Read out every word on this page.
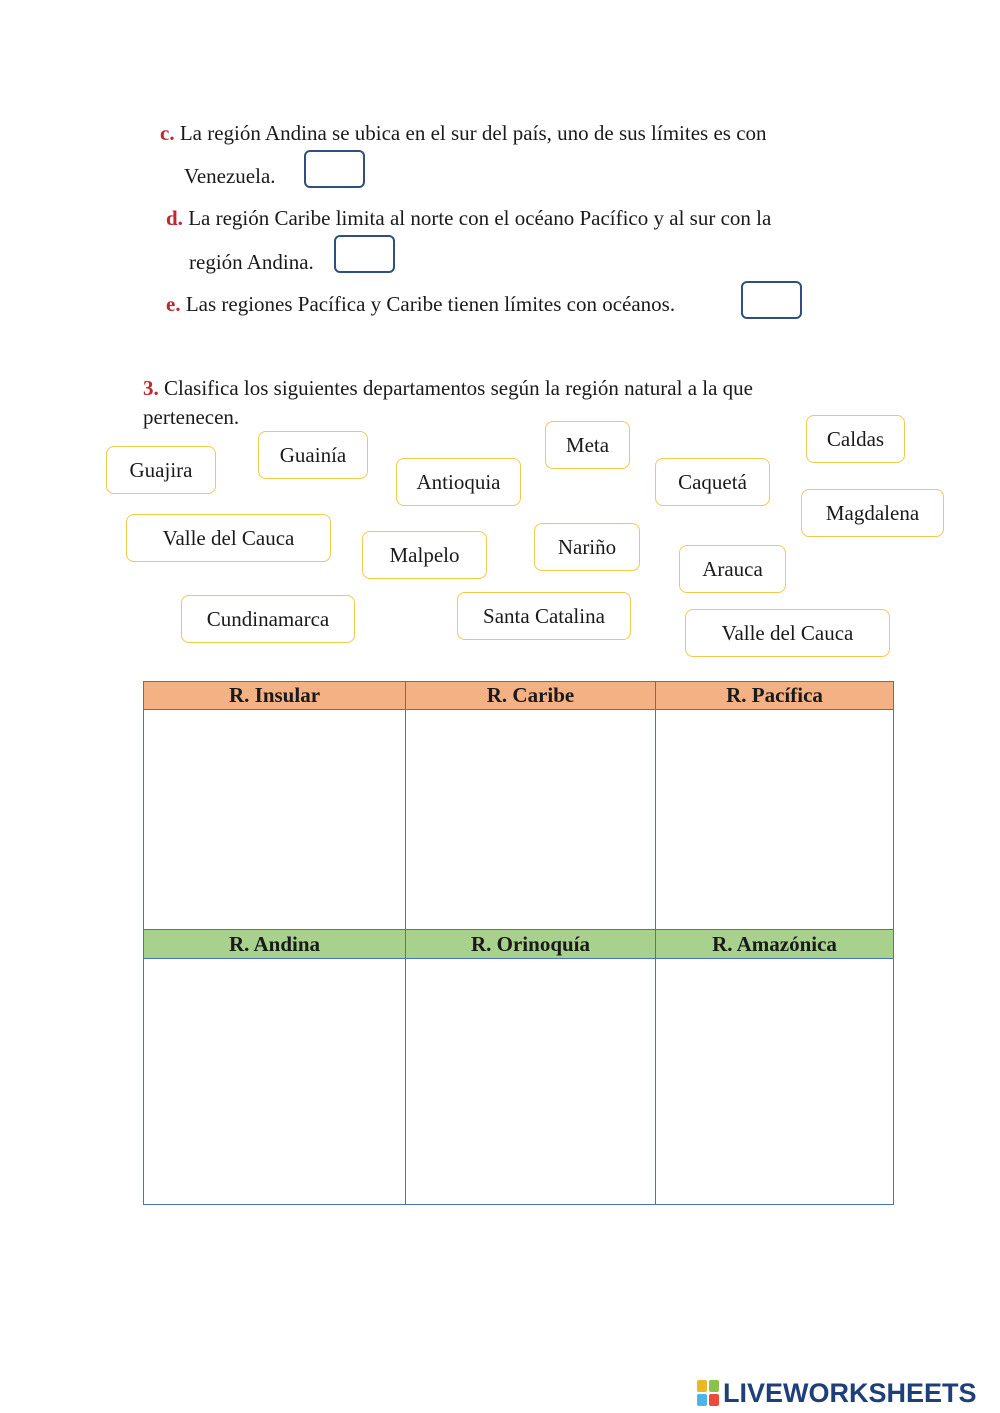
c. La región Andina se ubica en el sur del país, uno de sus límites es con
Venezuela.
d. La región Caribe limita al norte con el océano Pacífico y al sur con la
región Andina.
e. Las regiones Pacífica y Caribe tienen límites con océanos.
3. Clasifica los siguientes departamentos según la región natural a la que
pertenecen.
Guajira
Guainía
Antioquia
Meta
Caquetá
Caldas
Magdalena
Valle del Cauca
Malpelo	Nariño
Arauca
Cundinamarca	Santa Catalina
Valle del Cauca
R. Insular	R. Caribe	R. Pacífica
R. Andina	R. Orinoquía	R. Amazónica
LIVEWORKSHEETS
